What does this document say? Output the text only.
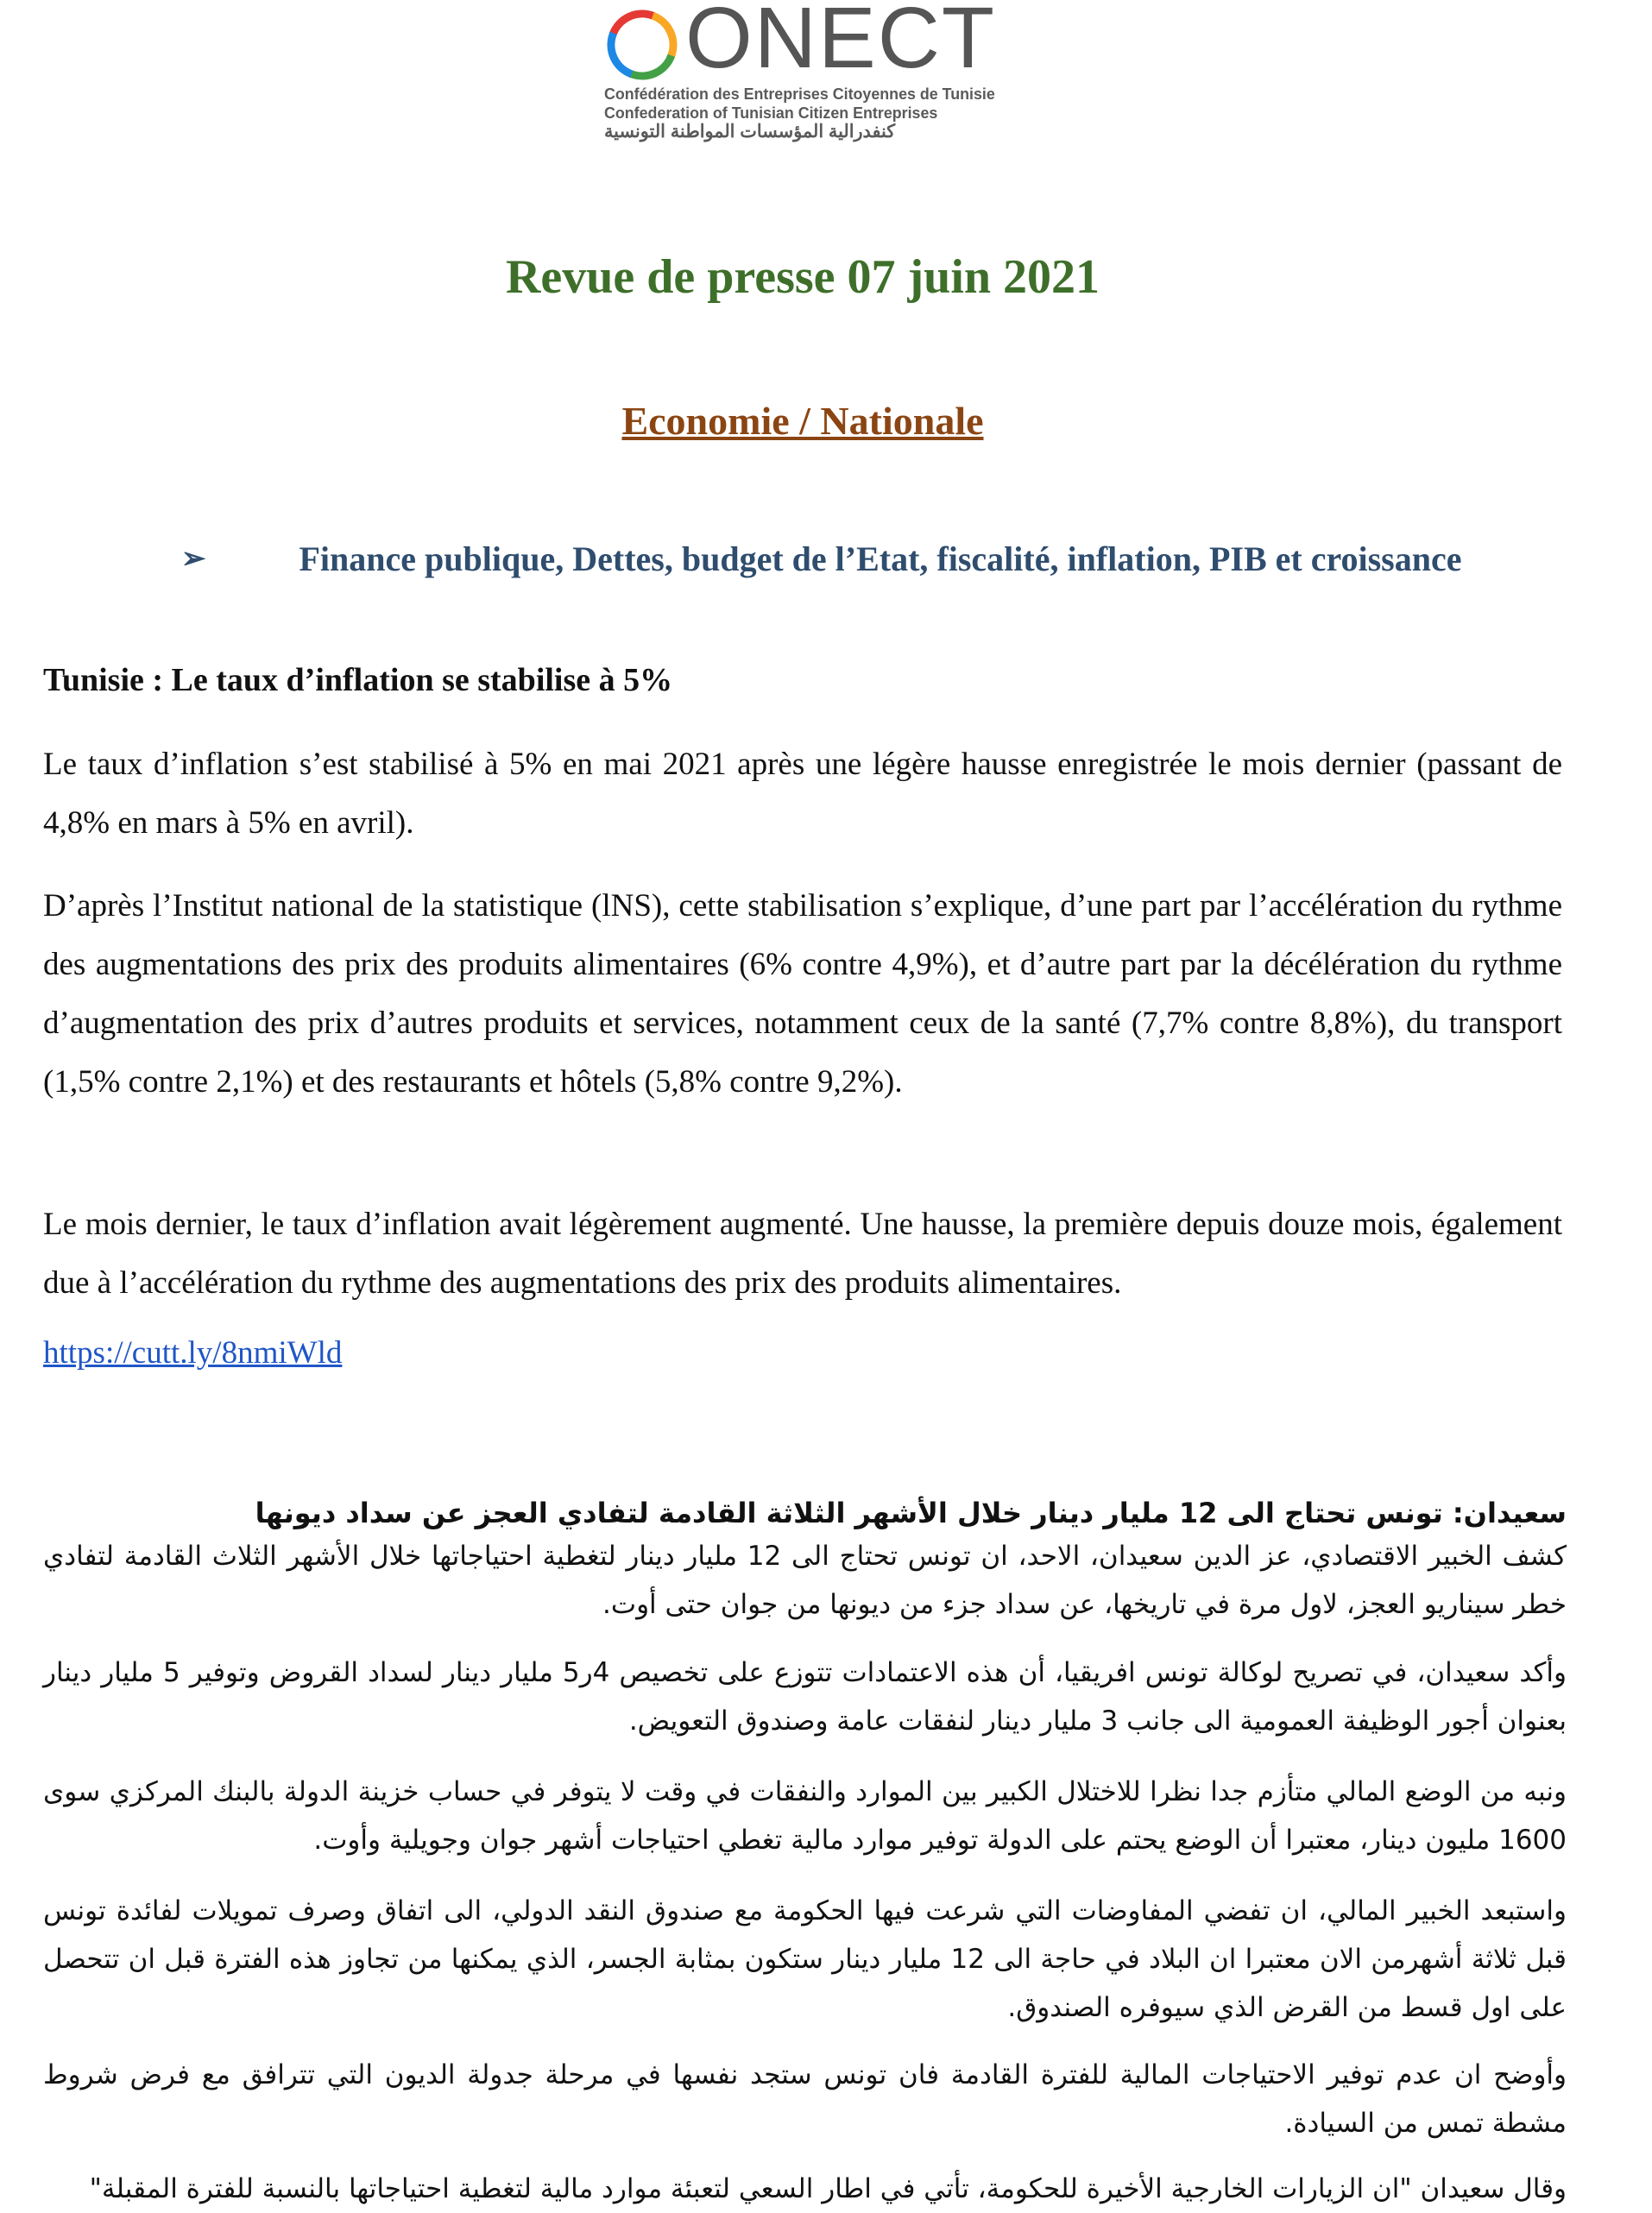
ONECT
Confédération des Entreprises Citoyennes de Tunisie
Confederation of Tunisian Citizen Entreprises
كنفدرالية المؤسسات المواطنة التونسية
Revue de presse 07 juin 2021
Economie / Nationale
➢	Finance publique, Dettes, budget de l’Etat, fiscalité, inflation, PIB et croissance
Tunisie : Le taux d’inflation se stabilise à 5%
Le taux d’inflation s’est stabilisé à 5% en mai 2021 après une légère hausse enregistrée le mois dernier (passant de 4,8% en mars à 5% en avril).
D’après l’Institut national de la statistique (lNS), cette stabilisation s’explique, d’une part par l’accélération du rythme des augmentations des prix des produits alimentaires (6% contre 4,9%), et d’autre part par la décélération du rythme d’augmentation des prix d’autres produits et services, notamment ceux de la santé (7,7% contre 8,8%), du transport (1,5% contre 2,1%) et des restaurants et hôtels (5,8% contre 9,2%).
Le mois dernier, le taux d’inflation avait légèrement augmenté. Une hausse, la première depuis douze mois, également due à l’accélération du rythme des augmentations des prix des produits alimentaires.
https://cutt.ly/8nmiWld
سعيدان: تونس تحتاج الى 12 مليار دينار خلال الأشهر الثلاثة القادمة لتفادي العجز عن سداد ديونها
كشف الخبير الاقتصادي، عز الدين سعيدان، الاحد، ان تونس تحتاج الى 12 مليار دينار لتغطية احتياجاتها خلال الأشهر الثلاث القادمة لتفادي خطر سيناريو العجز، لاول مرة في تاريخها، عن سداد جزء من ديونها من جوان حتى أوت.
وأكد سعيدان، في تصريح لوكالة تونس افريقيا، أن هذه الاعتمادات تتوزع على تخصيص 4ر5 مليار دينار لسداد القروض وتوفير 5 مليار دينار بعنوان أجور الوظيفة العمومية الى جانب 3 مليار دينار لنفقات عامة وصندوق التعويض.
ونبه من الوضع المالي متأزم جدا نظرا للاختلال الكبير بين الموارد والنفقات في وقت لا يتوفر في حساب خزينة الدولة بالبنك المركزي سوى 1600 مليون دينار، معتبرا أن الوضع يحتم على الدولة توفير موارد مالية تغطي احتياجات أشهر جوان وجويلية وأوت.
واستبعد الخبير المالي، ان تفضي المفاوضات التي شرعت فيها الحكومة مع صندوق النقد الدولي، الى اتفاق وصرف تمويلات لفائدة تونس قبل ثلاثة أشهرمن الان معتبرا ان البلاد في حاجة الى 12 مليار دينار ستكون بمثابة الجسر، الذي يمكنها من تجاوز هذه الفترة قبل ان تتحصل على اول قسط من القرض الذي سيوفره الصندوق.
وأوضح ان عدم توفير الاحتياجات المالية للفترة القادمة فان تونس ستجد نفسها في مرحلة جدولة الديون التي تترافق مع فرض شروط مشطة تمس من السيادة.
وقال سعيدان "ان الزيارات الخارجية الأخيرة للحكومة، تأتي في اطار السعي لتعبئة موارد مالية لتغطية احتياجاتها بالنسبة للفترة المقبلة"
